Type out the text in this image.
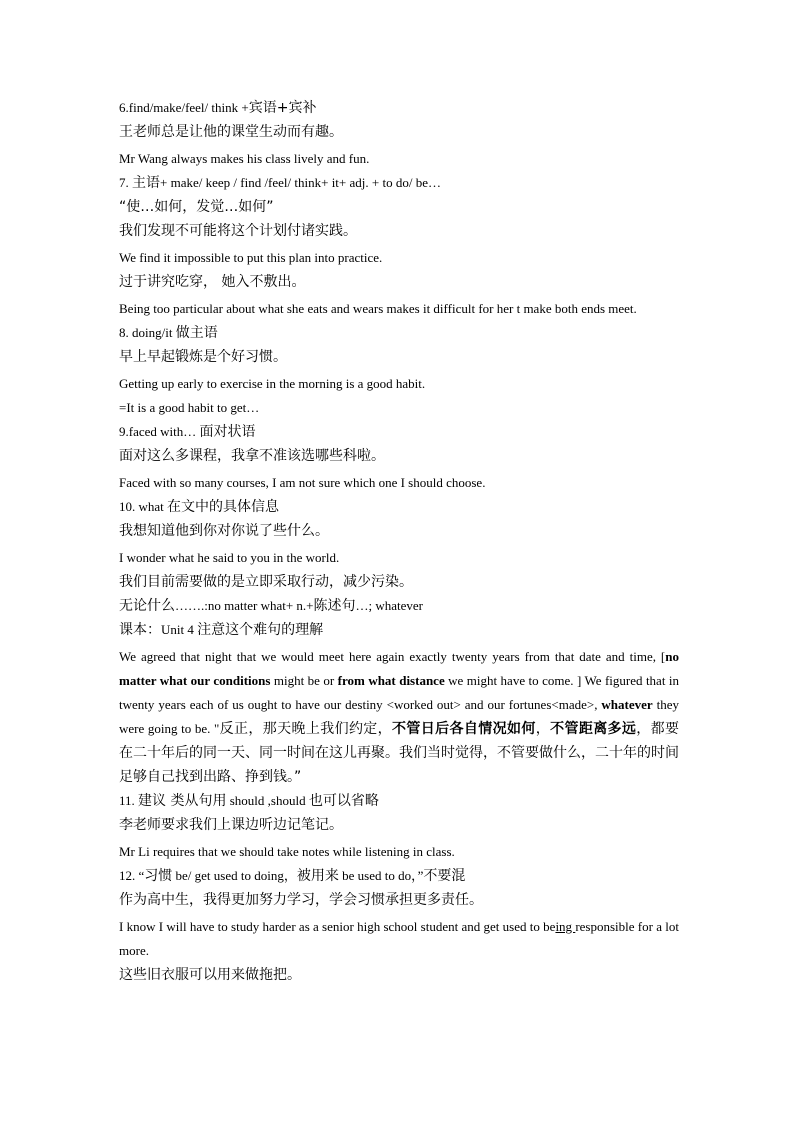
6.find/make/feel/ think +宾语+宾补
王老师总是让他的课堂生动而有趣。
Mr Wang always makes his class lively and fun.
7. 主语+ make/ keep / find /feel/ think+ it+ adj. + to do/ be…
“使…如何，发觉…如何”
我们发现不可能将这个计划付诸实践。
We find it impossible to put this plan into practice.
过于讲究吃穿， 她入不敷出。
Being too particular about what she eats and wears makes it difficult for her t make both ends meet.
8. doing/it 做主语
早上早起锻炼是个好习惯。
Getting up early to exercise in the morning is a good habit.
=It is a good habit to get…
9.faced with… 面对状语
面对这么多课程，我拿不准该选哪些科啦。
Faced with so many courses, I am not sure which one I should choose.
10. what 在文中的具体信息
我想知道他到你对你说了些什么。
I wonder what he said to you in the world.
我们目前需要做的是立即采取行动，减少污染。
无论什么…….:no matter what+ n.+陈述句…; whatever
课本：Unit 4 注意这个难句的理解
We agreed that night that we would meet here again exactly twenty years from that date and time, [no matter what our conditions might be or from what distance we might have to come. ] We figured that in twenty years each of us ought to have our destiny <worked out> and our fortunes<made>, whatever they were going to be. "反正，那天晚上我们约定，不管日后各自情况如何，不管距离多远，都要在二十年后的同一天、同一时间在这儿再聚。我们当时觉得，不管要做什么，二十年的时间足够自己找到出路、挣到钱。”
11. 建议 类从句用 should ,should 也可以省略
李老师要求我们上课边听边记笔记。
Mr Li requires that we should take notes while listening in class.
12. “习惯 be/ get used to doing，被用来 be used to do，”不要混
作为高中生，我得更加努力学习，学会习惯承担更多责任。
I know I will have to study harder as a senior high school student and get used to being responsible for a lot more.
这些旧衣服可以用来做拖把。
